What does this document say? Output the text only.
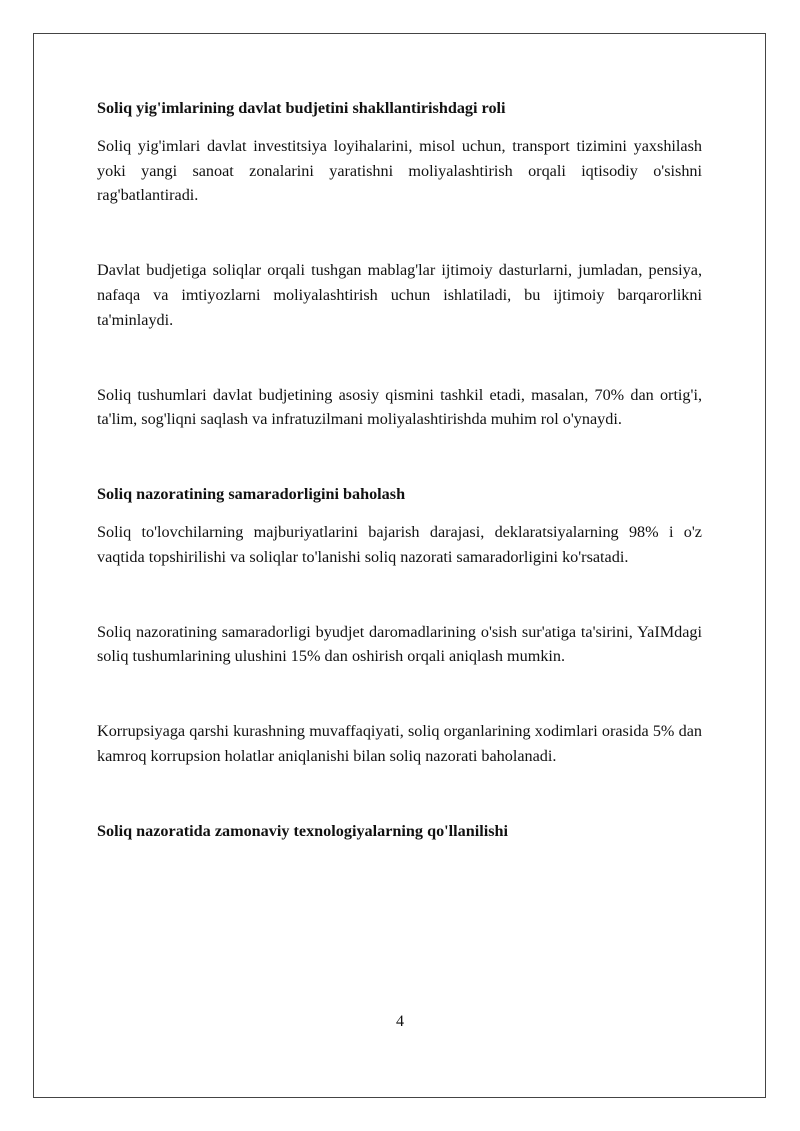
Soliq yig'imlarining davlat budjetini shakllantirishdagi roli

Soliq yig'imlari davlat investitsiya loyihalarini, misol uchun, transport tizimini yaxshilash yoki yangi sanoat zonalarini yaratishni moliyalashtirish orqali iqtisodiy o'sishni rag'batlantiradi.

Davlat budjetiga soliqlar orqali tushgan mablag'lar ijtimoiy dasturlarni, jumladan, pensiya, nafaqa va imtiyozlarni moliyalashtirish uchun ishlatiladi, bu ijtimoiy barqarorlikni ta'minlaydi.

Soliq tushumlari davlat budjetining asosiy qismini tashkil etadi, masalan, 70% dan ortig'i, ta'lim, sog'liqni saqlash va infratuzilmani moliyalashtirishda muhim rol o'ynaydi.

Soliq nazoratining samaradorligini baholash

Soliq to'lovchilarning majburiyatlarini bajarish darajasi, deklaratsiyalarning 98% i o'z vaqtida topshirilishi va soliqlar to'lanishi soliq nazorati samaradorligini ko'rsatadi.

Soliq nazoratining samaradorligi byudjet daromadlarining o'sish sur'atiga ta'sirini, YaIMdagi soliq tushumlarining ulushini 15% dan oshirish orqali aniqlash mumkin.

Korrupsiyaga qarshi kurashning muvaffaqiyati, soliq organlarining xodimlari orasida 5% dan kamroq korrupsion holatlar aniqlanishi bilan soliq nazorati baholanadi.

Soliq nazoratida zamonaviy texnologiyalarning qo'llanilishi

4
